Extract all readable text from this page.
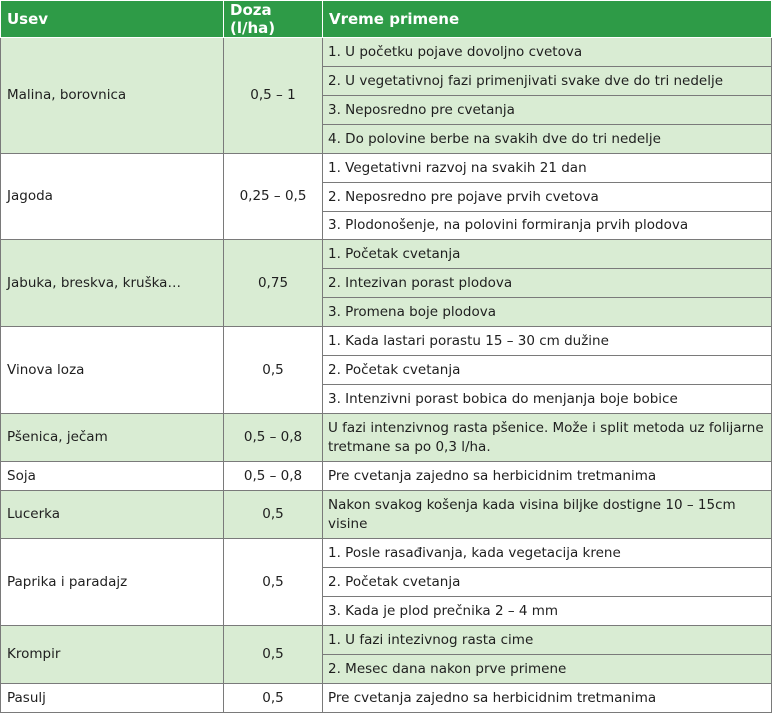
Usev	Doza (l/ha)	Vreme primene
Malina, borovnica	0,5 – 1	1. U početku pojave dovoljno cvetova
		2. U vegetativnoj fazi primenjivati svake dve do tri nedelje
		3. Neposredno pre cvetanja
		4. Do polovine berbe na svakih dve do tri nedelje
Jagoda	0,25 – 0,5	1. Vegetativni razvoj na svakih 21 dan
		2. Neposredno pre pojave prvih cvetova
		3. Plodonošenje, na polovini formiranja prvih plodova
Jabuka, breskva, kruška…	0,75	1. Početak cvetanja
		2. Intezivan porast plodova
		3. Promena boje plodova
Vinova loza	0,5	1. Kada lastari porastu 15 – 30 cm dužine
		2. Početak cvetanja
		3. Intenzivni porast bobica do menjanja boje bobice
Pšenica, ječam	0,5 – 0,8	U fazi intenzivnog rasta pšenice. Može i split metoda uz folijarne tretmane sa po 0,3 l/ha.
Soja	0,5 – 0,8	Pre cvetanja zajedno sa herbicidnim tretmanima
Lucerka	0,5	Nakon svakog košenja kada visina biljke dostigne 10 – 15cm visine
Paprika i paradajz	0,5	1. Posle rasađivanja, kada vegetacija krene
		2. Početak cvetanja
		3. Kada je plod prečnika 2 – 4 mm
Krompir	0,5	1. U fazi intezivnog rasta cime
		2. Mesec dana nakon prve primene
Pasulj	0,5	Pre cvetanja zajedno sa herbicidnim tretmanima
